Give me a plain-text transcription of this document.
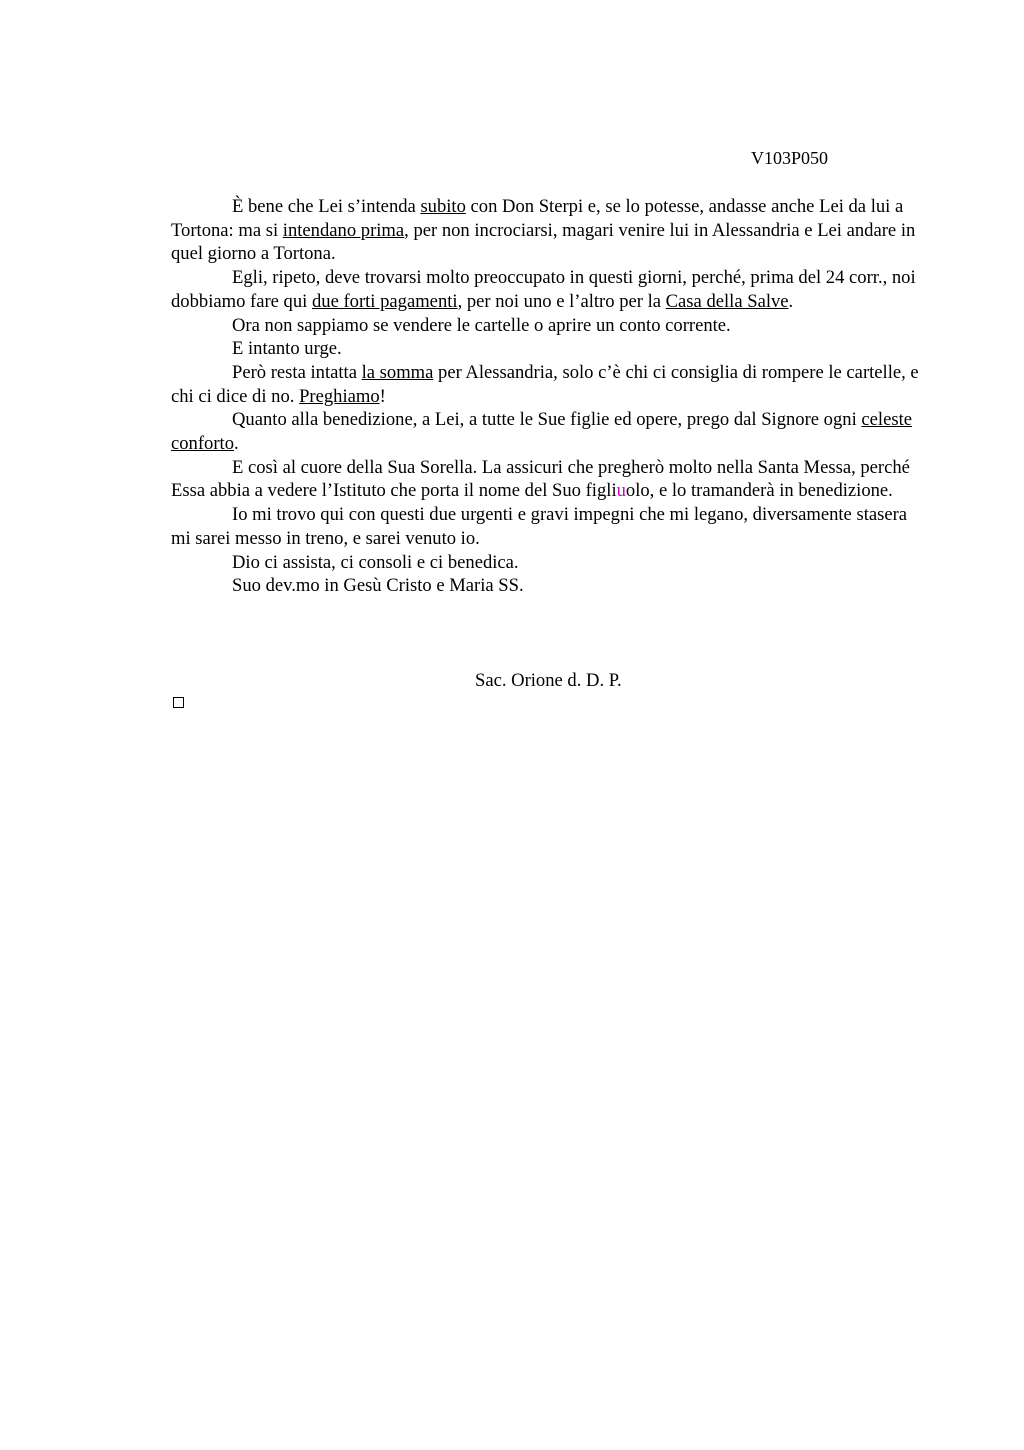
V103P050

È bene che Lei s’intenda subito con Don Sterpi e, se lo potesse, andasse anche Lei da lui a Tortona: ma si intendano prima, per non incrociarsi, magari venire lui in Alessandria e Lei andare in quel giorno a Tortona.

Egli, ripeto, deve trovarsi molto preoccupato in questi giorni, perché, prima del 24 corr., noi dobbiamo fare qui due forti pagamenti, per noi uno e l’altro per la Casa della Salve.

Ora non sappiamo se vendere le cartelle o aprire un conto corrente.

E intanto urge.

Però resta intatta la somma per Alessandria, solo c’è chi ci consiglia di rompere le cartelle, e chi ci dice di no. Preghiamo!

Quanto alla benedizione, a Lei, a tutte le Sue figlie ed opere, prego dal Signore ogni celeste conforto.

E così al cuore della Sua Sorella. La assicuri che pregherò molto nella Santa Messa, perché Essa abbia a vedere l’Istituto che porta il nome del Suo figliuolo, e lo tramanderà in benedizione.

Io mi trovo qui con questi due urgenti e gravi impegni che mi legano, diversamente stasera mi sarei messo in treno, e sarei venuto io.

Dio ci assista, ci consoli e ci benedica.

Suo dev.mo in Gesù Cristo e Maria SS.

Sac. Orione d. D. P.
